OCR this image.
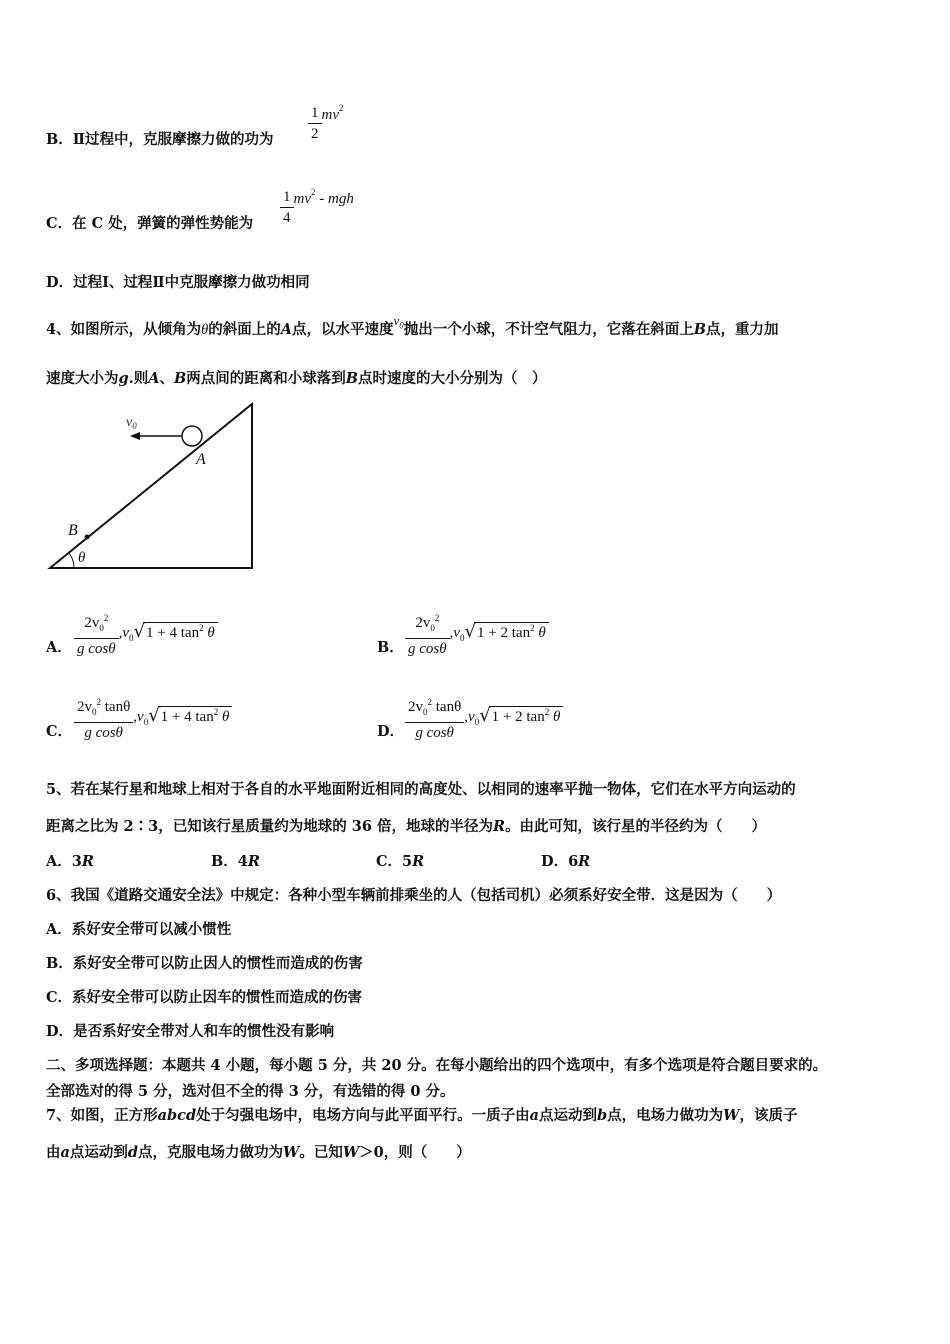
B．Ⅱ过程中，克服摩擦力做的功为 $\frac{1}{2} mv^2$
C．在 C 处，弹簧的弹性势能为 $\frac{1}{4} mv^2$ - mgh
D．过程Ⅰ、过程Ⅱ中克服摩擦力做功相同
4、如图所示，从倾角为θ的斜面上的A点，以水平速度$v_0$抛出一个小球，不计空气阻力，它落在斜面上B点，重力加
速度大小为g.则A、B两点间的距离和小球落到B点时速度的大小分别为（　）
$v_0$
A
B
θ
A． $\frac{2v_0^2}{\text{g cosθ}} ,v_0√1 + 4$ $\tan^2 \theta$
B． $\frac{2v_0^2}{\text{g cosθ}} ,v_0√1 + 2$ $\tan^2 \theta$
C． $\frac{2v_0^2 \tan\theta}{\text{g cosθ}} ,v_0√1 + 4$ $\tan^2 \theta$
D． $\frac{2v_0^2 \tan\theta}{\text{g cosθ}} ,v_0√1 + 2$ $\tan^2 \theta$
5、若在某行星和地球上相对于各自的水平地面附近相同的高度处、以相同的速率平抛一物体，它们在水平方向运动的
距离之比为 2∶3，已知该行星质量约为地球的 36 倍，地球的半径为R。由此可知，该行星的半径约为（　　）
A．3R	B．4R	C．5R	D．6R
6、我国《道路交通安全法》中规定：各种小型车辆前排乘坐的人（包括司机）必须系好安全带．这是因为（　　）
A．系好安全带可以减小惯性
B．系好安全带可以防止因人的惯性而造成的伤害
C．系好安全带可以防止因车的惯性而造成的伤害
D．是否系好安全带对人和车的惯性没有影响
二、多项选择题：本题共 4 小题，每小题 5 分，共 20 分。在每小题给出的四个选项中，有多个选项是符合题目要求的。
全部选对的得 5 分，选对但不全的得 3 分，有选错的得 0 分。
7、如图，正方形abcd处于匀强电场中，电场方向与此平面平行。一质子由a点运动到b点，电场力做功为W，该质子
由a点运动到d点，克服电场力做功为W。已知W＞0，则（　　）
